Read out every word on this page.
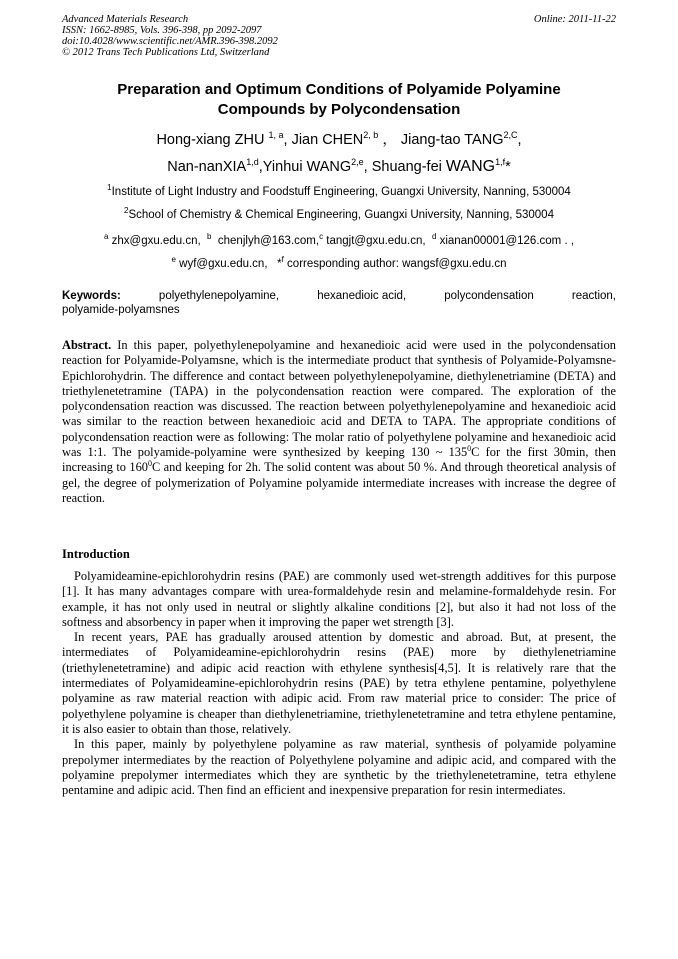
Advanced Materials Research
ISSN: 1662-8985, Vols. 396-398, pp 2092-2097
doi:10.4028/www.scientific.net/AMR.396-398.2092
© 2012 Trans Tech Publications Ltd, Switzerland
Online: 2011-11-22
Preparation and Optimum Conditions of Polyamide Polyamine
Compounds by Polycondensation
Hong-xiang ZHU $^{1, a}$, Jian CHEN$^{2, b}$ ， Jiang-tao $TANG^{2,C}$,
Nan-nanXIA$^{1,d}$,Yinhui WANG$^{2,e}$, Shuang-fei WANG$^{1,f}$*
$^1$Institute of Light Industry and Foodstuff Engineering, Guangxi University, Nanning, 530004
$^2$School of Chemistry & Chemical Engineering, Guangxi University, Nanning, 530004
$^a$ zhx@gxu.edu.cn, $^b$ chenjlyh@163.com,$^c$ tangjt@gxu.edu.cn, $^d$ xianan00001@126.com . ,
$^e$ wyf@gxu.edu.cn, *$^f$ corresponding author: wangsf@gxu.edu.cn
Keywords:	polyethylenepolyamine,	hexanedioic acid,	polycondensation	reaction,
polyamide-polyamsnes
Abstract. In this paper, polyethylenepolyamine and hexanedioic acid were used in the polycondensation reaction for Polyamide-Polyamsne, which is the intermediate product that synthesis of Polyamide-Polyamsne-Epichlorohydrin. The difference and contact between polyethylenepolyamine, diethylenetriamine (DETA) and triethylenetetramine (TAPA) in the polycondensation reaction were compared. The exploration of the polycondensation reaction was discussed. The reaction between polyethylenepolyamine and hexanedioic acid was similar to the reaction between hexanedioic acid and DETA to TAPA. The appropriate conditions of polycondensation reaction were as following: The molar ratio of polyethylene polyamine and hexanedioic acid was 1:1. The polyamide-polyamine were synthesized by keeping 130 ~ $135^0C$ for the first 30min, then increasing to $160^0C$ and keeping for 2h. The solid content was about 50 %. And through theoretical analysis of gel, the degree of polymerization of Polyamine polyamide intermediate increases with increase the degree of reaction.
Introduction

Polyamideamine-epichlorohydrin resins (PAE) are commonly used wet-strength additives for this purpose [1]. It has many advantages compare with urea-formaldehyde resin and melamine-formaldehyde resin. For example, it has not only used in neutral or slightly alkaline conditions [2], but also it had not loss of the softness and absorbency in paper when it improving the paper wet strength [3].

In recent years, PAE has gradually aroused attention by domestic and abroad. But, at present, the intermediates of Polyamideamine-epichlorohydrin resins (PAE) more by diethylenetriamine (triethylenetetramine) and adipic acid reaction with ethylene synthesis[4,5]. It is relatively rare that the intermediates of Polyamideamine-epichlorohydrin resins (PAE) by tetra ethylene pentamine, polyethylene polyamine as raw material reaction with adipic acid. From raw material price to consider: The price of polyethylene polyamine is cheaper than diethylenetriamine, triethylenetetramine and tetra ethylene pentamine, it is also easier to obtain than those, relatively.

In this paper, mainly by polyethylene polyamine as raw material, synthesis of polyamide polyamine prepolymer intermediates by the reaction of Polyethylene polyamine and adipic acid, and compared with the polyamine prepolymer intermediates which they are synthetic by the triethylenetetramine, tetra ethylene pentamine and adipic acid. Then find an efficient and inexpensive preparation for resin intermediates.
